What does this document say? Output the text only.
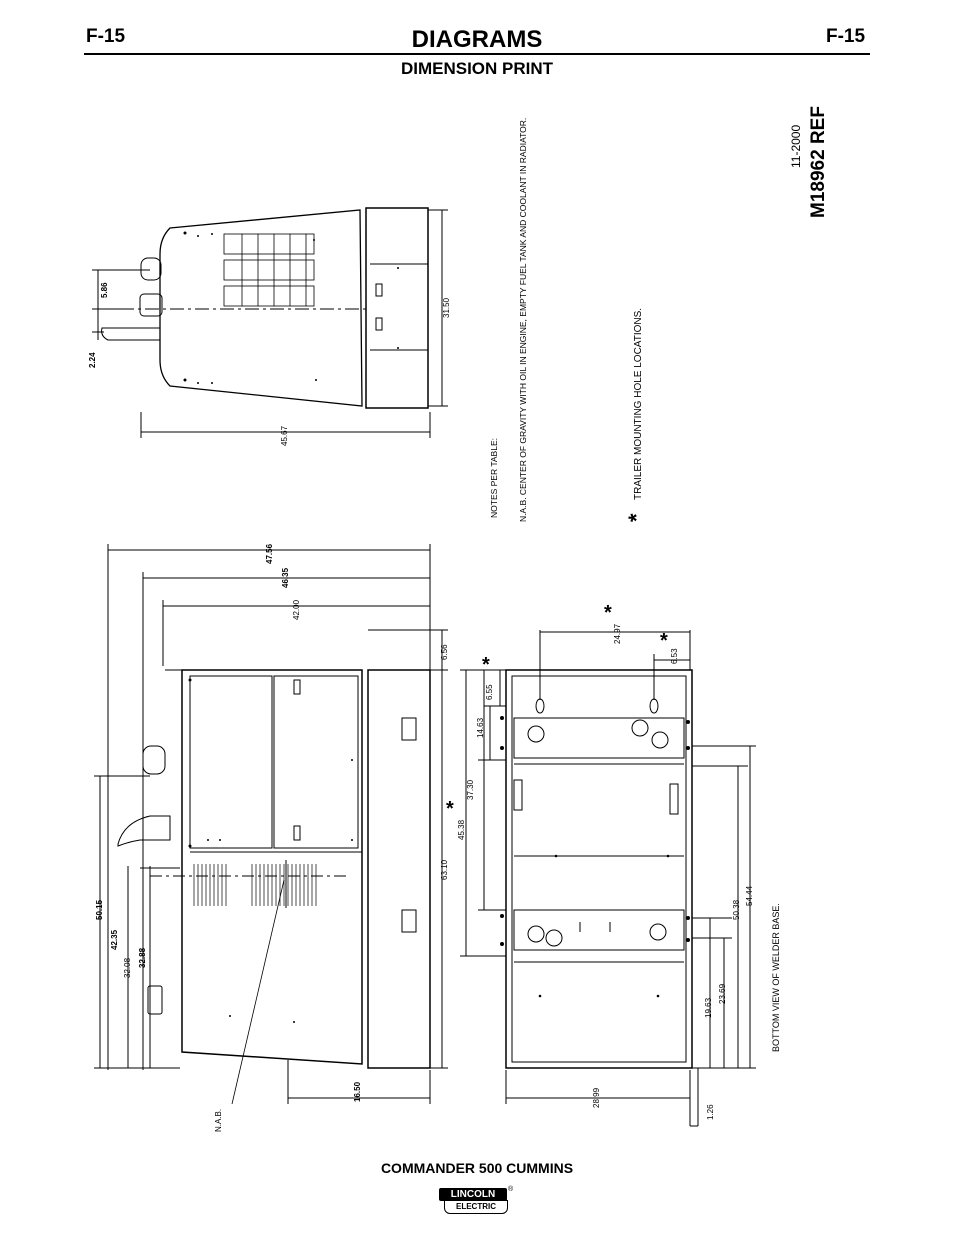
F-15	DIAGRAMS	F-15
DIMENSION PRINT
M18962 REF
11-2000
NOTES PER TABLE: N.A.B. CENTER OF GRAVITY WITH OIL IN ENGINE, EMPTY FUEL TANK AND COOLANT IN RADIATOR.	*
TRAILER MOUNTING HOLE LOCATIONS.
BOTTOM VIEW OF WELDER BASE.
N.A.B.
5.86
2.24
31.50
45.67
47.56
46.35
42.00
50.15
42.35
32.08 32.88
16.50
6.56
63.10
24.97
6.53
6.55
14.63
37.30
45.38
28.99
1.26
19.63
23.69
50.38
54.44
*
*
*
*
COMMANDER 500 CUMMINS
LINCOLN
ELECTRIC
®
